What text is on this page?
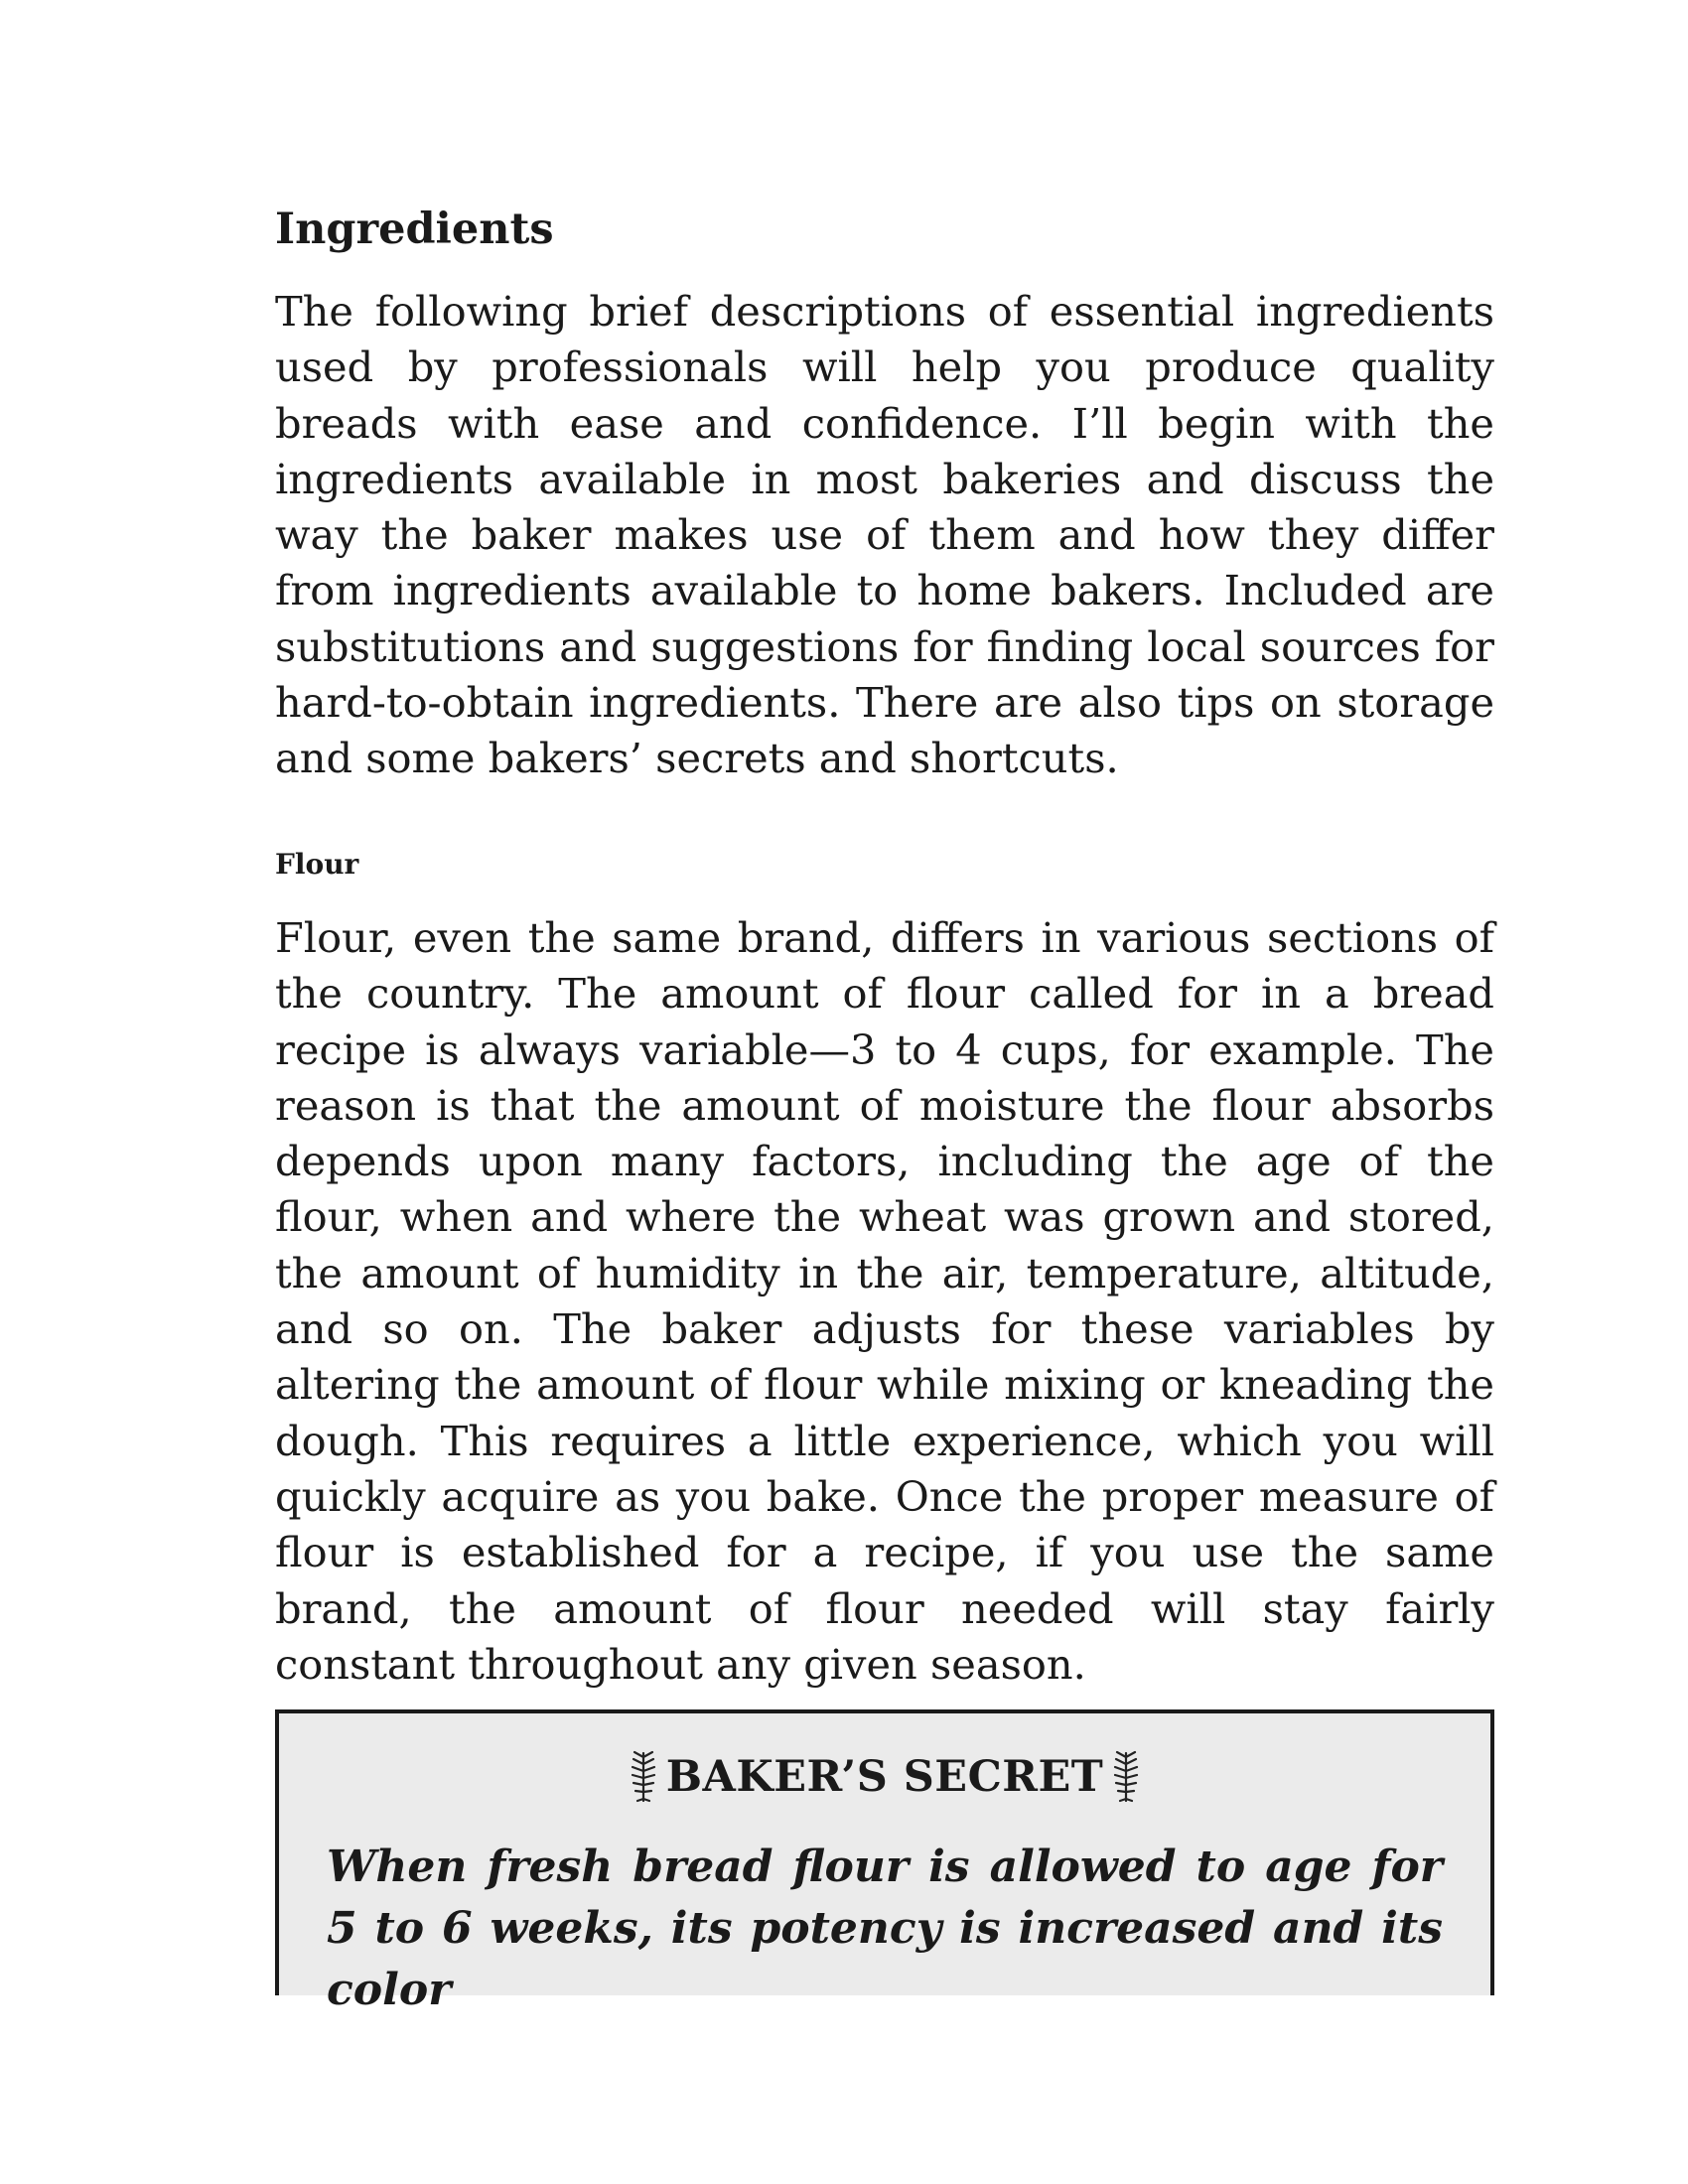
Ingredients

The following brief descriptions of essential ingredients used by professionals will help you produce quality breads with ease and confidence. I’ll begin with the ingredients available in most bakeries and discuss the way the baker makes use of them and how they differ from ingredients available to home bakers. Included are substitutions and suggestions for finding local sources for hard-to-obtain ingredients. There are also tips on storage and some bakers’ secrets and shortcuts.

Flour

Flour, even the same brand, differs in various sections of the country. The amount of flour called for in a bread recipe is always variable—3 to 4 cups, for example. The reason is that the amount of moisture the flour absorbs depends upon many factors, including the age of the flour, when and where the wheat was grown and stored, the amount of humidity in the air, temperature, altitude, and so on. The baker adjusts for these variables by altering the amount of flour while mixing or kneading the dough. This requires a little experience, which you will quickly acquire as you bake. Once the proper measure of flour is established for a recipe, if you use the same brand, the amount of flour needed will stay fairly constant throughout any given season.

BAKER’S SECRET

When fresh bread flour is allowed to age for 5 to 6 weeks, its potency is increased and its color
